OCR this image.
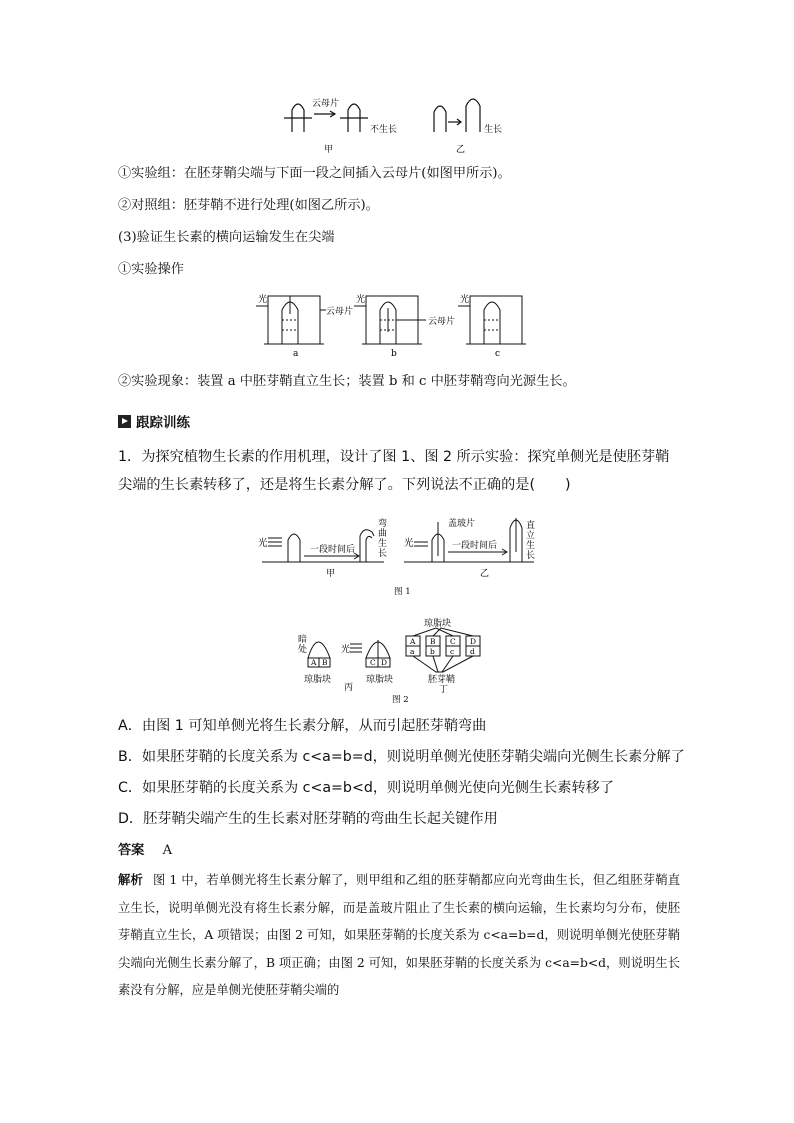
云母片
不生长	生长
甲	乙
①实验组：在胚芽鞘尖端与下面一段之间插入云母片(如图甲所示)。
②对照组：胚芽鞘不进行处理(如图乙所示)。
(3)验证生长素的横向运输发生在尖端
①实验操作
光	光	光
云母片
云母片
a	b	c
②实验现象：装置 a 中胚芽鞘直立生长；装置 b 和 c 中胚芽鞘弯向光源生长。
跟踪训练
1．为探究植物生长素的作用机理，设计了图 1、图 2 所示实验：探究单侧光是使胚芽鞘尖端的生长素转移了，还是将生长素分解了。下列说法不正确的是( )
光
一段时间后
弯
曲
生
长
光
盖玻片
一段时间后
直
立
生
长
甲	乙
图 1
暗
处
A B
光
C D
琼脂块	琼脂块
丙
琼脂块
A B C D
a b c d
胚芽鞘
丁
图 2
A．由图 1 可知单侧光将生长素分解，从而引起胚芽鞘弯曲
B．如果胚芽鞘的长度关系为 c<a=b=d，则说明单侧光使胚芽鞘尖端向光侧生长素分解了
C．如果胚芽鞘的长度关系为 c<a=b<d，则说明单侧光使向光侧生长素转移了
D．胚芽鞘尖端产生的生长素对胚芽鞘的弯曲生长起关键作用
答案 A
解析 图 1 中，若单侧光将生长素分解了，则甲组和乙组的胚芽鞘都应向光弯曲生长，但乙组胚芽鞘直立生长，说明单侧光没有将生长素分解，而是盖玻片阻止了生长素的横向运输，生长素均匀分布，使胚芽鞘直立生长，A 项错误；由图 2 可知，如果胚芽鞘的长度关系为 c<a=b=d，则说明单侧光使胚芽鞘尖端向光侧生长素分解了，B 项正确；由图 2 可知，如果胚芽鞘的长度关系为 c<a=b<d，则说明生长素没有分解，应是单侧光使胚芽鞘尖端的
